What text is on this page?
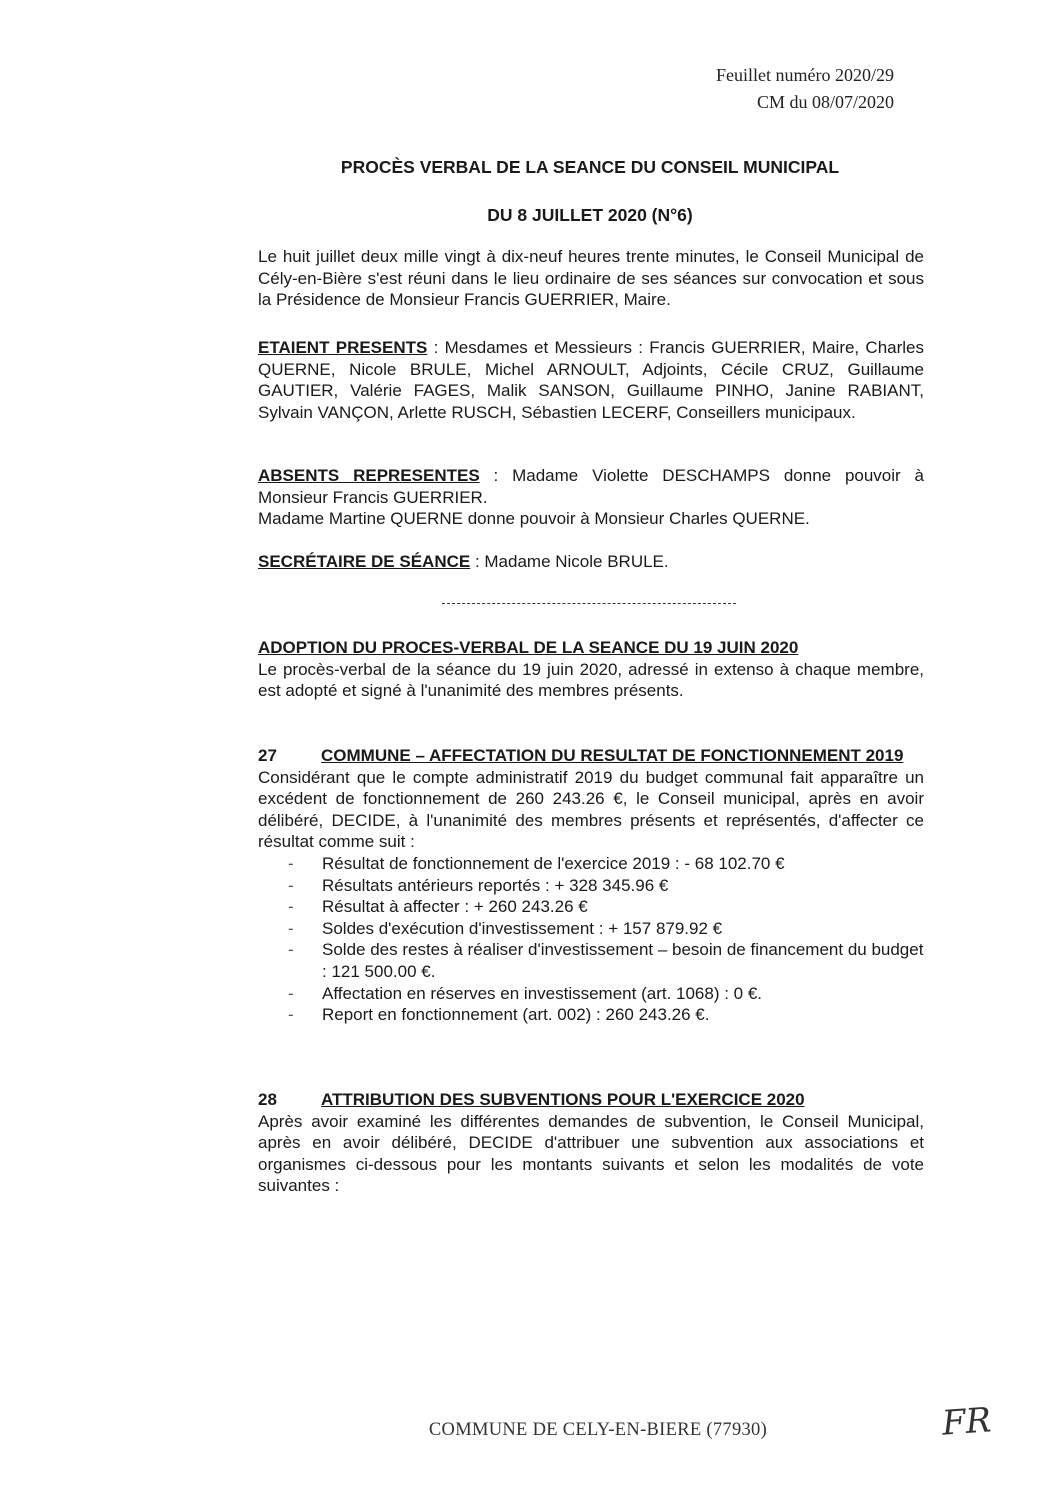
Feuillet numéro 2020/29
CM du 08/07/2020
PROCÈS VERBAL DE LA SEANCE DU CONSEIL MUNICIPAL
DU 8 JUILLET 2020 (N°6)
Le huit juillet deux mille vingt à dix-neuf heures trente minutes, le Conseil Municipal de Cély-en-Bière s'est réuni dans le lieu ordinaire de ses séances sur convocation et sous la Présidence de Monsieur Francis GUERRIER, Maire.
ETAIENT PRESENTS : Mesdames et Messieurs : Francis GUERRIER, Maire, Charles QUERNE, Nicole BRULE, Michel ARNOULT, Adjoints, Cécile CRUZ, Guillaume GAUTIER, Valérie FAGES, Malik SANSON, Guillaume PINHO, Janine RABIANT, Sylvain VANÇON, Arlette RUSCH, Sébastien LECERF, Conseillers municipaux.
ABSENTS REPRESENTES : Madame Violette DESCHAMPS donne pouvoir à Monsieur Francis GUERRIER.
Madame Martine QUERNE donne pouvoir à Monsieur Charles QUERNE.
SECRÉTAIRE DE SÉANCE : Madame Nicole BRULE.
ADOPTION DU PROCES-VERBAL DE LA SEANCE DU 19 JUIN 2020
Le procès-verbal de la séance du 19 juin 2020, adressé in extenso à chaque membre, est adopté et signé à l'unanimité des membres présents.
27	COMMUNE – AFFECTATION DU RESULTAT DE FONCTIONNEMENT 2019
Considérant que le compte administratif 2019 du budget communal fait apparaître un excédent de fonctionnement de 260 243.26 €, le Conseil municipal, après en avoir délibéré, DECIDE, à l'unanimité des membres présents et représentés, d'affecter ce résultat comme suit :
- Résultat de fonctionnement de l'exercice 2019 : - 68 102.70 €
- Résultats antérieurs reportés : + 328 345.96 €
- Résultat à affecter : + 260 243.26 €
- Soldes d'exécution d'investissement : + 157 879.92 €
- Solde des restes à réaliser d'investissement – besoin de financement du budget : 121 500.00 €.
- Affectation en réserves en investissement (art. 1068) : 0 €.
- Report en fonctionnement (art. 002) : 260 243.26 €.
28	ATTRIBUTION DES SUBVENTIONS POUR L'EXERCICE 2020
Après avoir examiné les différentes demandes de subvention, le Conseil Municipal, après en avoir délibéré, DECIDE d'attribuer une subvention aux associations et organismes ci-dessous pour les montants suivants et selon les modalités de vote suivantes :
COMMUNE DE CELY-EN-BIERE (77930)	FR
